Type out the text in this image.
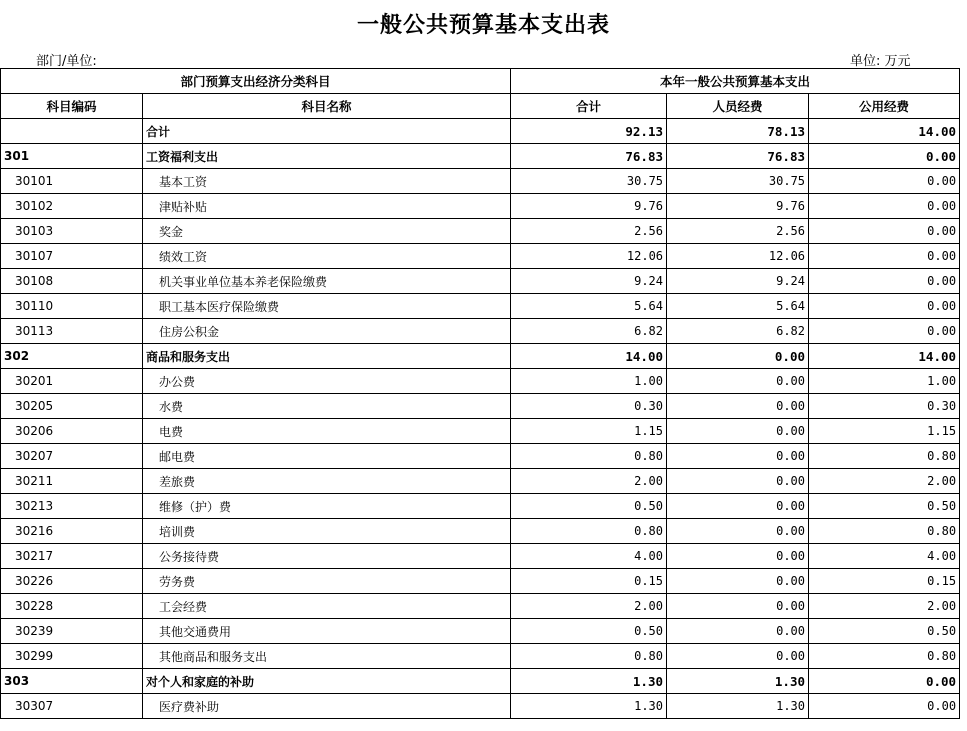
一般公共预算基本支出表
部门/单位:	单位: 万元
部门预算支出经济分类科目		本年一般公共预算基本支出		
科目编码	科目名称	合计	人员经费	公用经费
	合计	92.13	78.13	14.00
301	工资福利支出	76.83	76.83	0.00
30101	基本工资	30.75	30.75	0.00
30102	津贴补贴	9.76	9.76	0.00
30103	奖金	2.56	2.56	0.00
30107	绩效工资	12.06	12.06	0.00
30108	机关事业单位基本养老保险缴费	9.24	9.24	0.00
30110	职工基本医疗保险缴费	5.64	5.64	0.00
30113	住房公积金	6.82	6.82	0.00
302	商品和服务支出	14.00	0.00	14.00
30201	办公费	1.00	0.00	1.00
30205	水费	0.30	0.00	0.30
30206	电费	1.15	0.00	1.15
30207	邮电费	0.80	0.00	0.80
30211	差旅费	2.00	0.00	2.00
30213	维修（护）费	0.50	0.00	0.50
30216	培训费	0.80	0.00	0.80
30217	公务接待费	4.00	0.00	4.00
30226	劳务费	0.15	0.00	0.15
30228	工会经费	2.00	0.00	2.00
30239	其他交通费用	0.50	0.00	0.50
30299	其他商品和服务支出	0.80	0.00	0.80
303	对个人和家庭的补助	1.30	1.30	0.00
30307	医疗费补助	1.30	1.30	0.00
